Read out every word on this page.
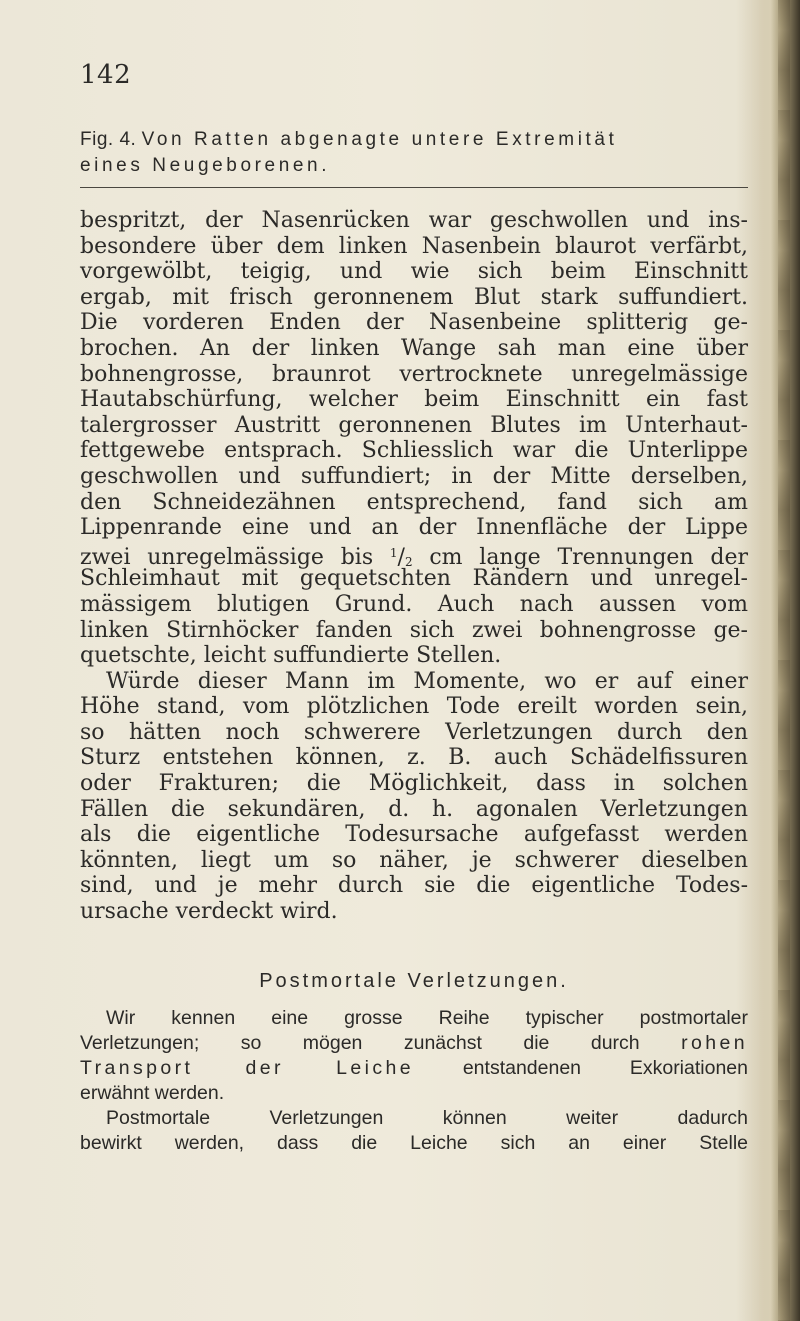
142
Fig. 4. Von Ratten abgenagte untere Extremität
eines Neugeborenen.
bespritzt, der Nasenrücken war geschwollen und ins-
besondere über dem linken Nasenbein blaurot verfärbt,
vorgewölbt, teigig, und wie sich beim Einschnitt
ergab, mit frisch geronnenem Blut stark suffundiert.
Die vorderen Enden der Nasenbeine splitterig ge-
brochen. An der linken Wange sah man eine über
bohnengrosse, braunrot vertrocknete unregelmässige
Hautabschürfung, welcher beim Einschnitt ein fast
talergrosser Austritt geronnenen Blutes im Unterhaut-
fettgewebe entsprach. Schliesslich war die Unterlippe
geschwollen und suffundiert; in der Mitte derselben,
den Schneidezähnen entsprechend, fand sich am
Lippenrande eine und an der Innenfläche der Lippe
zwei unregelmässige bis $^1/_2$ cm lange Trennungen der
Schleimhaut mit gequetschten Rändern und unregel-
mässigem blutigen Grund. Auch nach aussen vom
linken Stirnhöcker fanden sich zwei bohnengrosse ge-
quetschte, leicht suffundierte Stellen.
Würde dieser Mann im Momente, wo er auf einer
Höhe stand, vom plötzlichen Tode ereilt worden sein,
so hätten noch schwerere Verletzungen durch den
Sturz entstehen können, z. B. auch Schädelfissuren
oder Frakturen; die Möglichkeit, dass in solchen
Fällen die sekundären, d. h. agonalen Verletzungen
als die eigentliche Todesursache aufgefasst werden
könnten, liegt um so näher, je schwerer dieselben
sind, und je mehr durch sie die eigentliche Todes-
ursache verdeckt wird.
Postmortale Verletzungen.
Wir kennen eine grosse Reihe typischer postmortaler
Verletzungen; so mögen zunächst die durch rohen
Transport der Leiche entstandenen Exkoriationen
erwähnt werden.
Postmortale Verletzungen können weiter dadurch
bewirkt werden, dass die Leiche sich an einer Stelle
